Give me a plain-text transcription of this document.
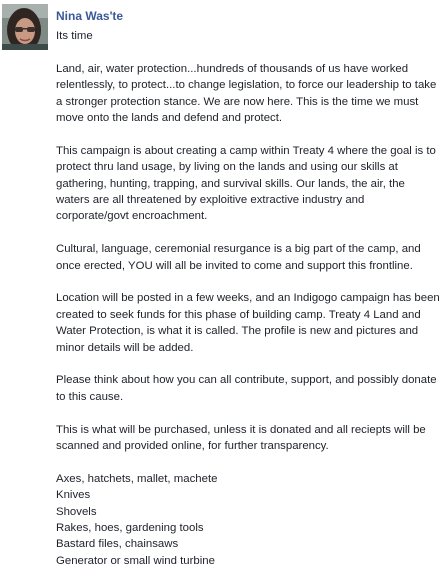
Nina Was'te

Its time

Land, air, water protection...hundreds of thousands of us have worked relentlessly, to protect...to change legislation, to force our leadership to take a stronger protection stance. We are now here. This is the time we must move onto the lands and defend and protect.

This campaign is about creating a camp within Treaty 4 where the goal is to protect thru land usage, by living on the lands and using our skills at gathering, hunting, trapping, and survival skills. Our lands, the air, the waters are all threatened by exploitive extractive industry and corporate/govt encroachment.

Cultural, language, ceremonial resurgance is a big part of the camp, and once erected, YOU will all be invited to come and support this frontline.

Location will be posted in a few weeks, and an Indigogo campaign has been created to seek funds for this phase of building camp. Treaty 4 Land and Water Protection, is what it is called. The profile is new and pictures and minor details will be added.

Please think about how you can all contribute, support, and possibly donate to this cause.

This is what will be purchased, unless it is donated and all reciepts will be scanned and provided online, for further transparency.

Axes, hatchets, mallet, machete
Knives
Shovels
Rakes, hoes, gardening tools
Bastard files, chainsaws
Generator or small wind turbine
